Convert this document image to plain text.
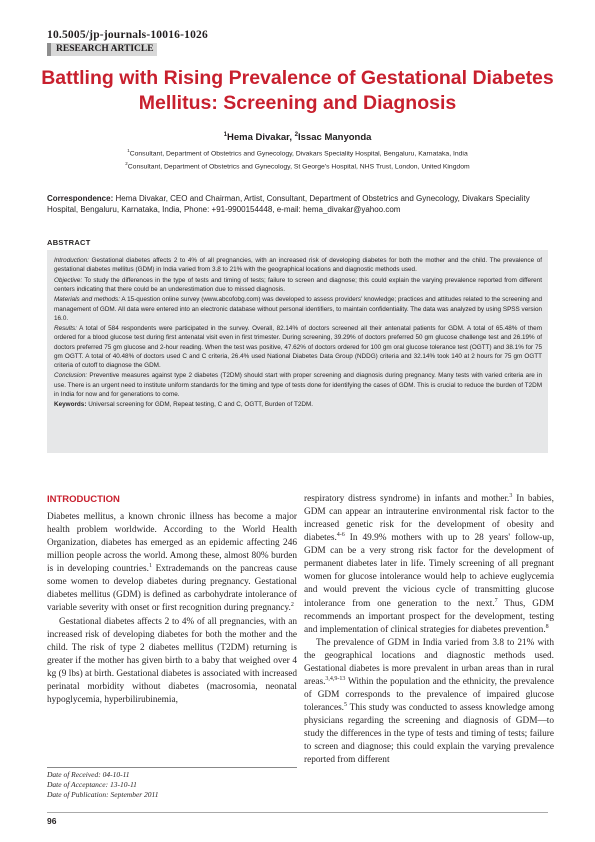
10.5005/jp-journals-10016-1026
RESEARCH ARTICLE
Battling with Rising Prevalence of Gestational Diabetes Mellitus: Screening and Diagnosis
$^1$Hema Divakar, $^2$Issac Manyonda
$^1$Consultant, Department of Obstetrics and Gynecology, Divakars Speciality Hospital, Bengaluru, Karnataka, India
$^2$Consultant, Department of Obstetrics and Gynecology, St George's Hospital, NHS Trust, London, United Kingdom
Correspondence: Hema Divakar, CEO and Chairman, Artist, Consultant, Department of Obstetrics and Gynecology, Divakars Speciality Hospital, Bengaluru, Karnataka, India, Phone: +91-9900154448, e-mail: hema_divakar@yahoo.com
ABSTRACT

Introduction: Gestational diabetes affects 2 to 4% of all pregnancies, with an increased risk of developing diabetes for both the mother and the child. The prevalence of gestational diabetes mellitus (GDM) in India varied from 3.8 to 21% with the geographical locations and diagnostic methods used.

Objective: To study the differences in the type of tests and timing of tests; failure to screen and diagnose; this could explain the varying prevalence reported from different centers indicating that there could be an underestimation due to missed diagnosis.

Materials and methods: A 15-question online survey (www.abcofobg.com) was developed to assess providers' knowledge; practices and attitudes related to the screening and management of GDM. All data were entered into an electronic database without personal identifiers, to maintain confidentiality. The data was analyzed by using SPSS version 16.0.

Results: A total of 584 respondents were participated in the survey. Overall, 82.14% of doctors screened all their antenatal patients for GDM. A total of 65.48% of them ordered for a blood glucose test during first antenatal visit even in first trimester. During screening, 39.29% of doctors preferred 50 gm glucose challenge test and 26.19% of doctors preferred 75 gm glucose and 2-hour reading. When the test was positive, 47.62% of doctors ordered for 100 gm oral glucose tolerance test (OGTT) and 38.1% for 75 gm OGTT. A total of 40.48% of doctors used C and C criteria, 26.4% used National Diabetes Data Group (NDDG) criteria and 32.14% took 140 at 2 hours for 75 gm OGTT criteria of cutoff to diagnose the GDM.

Conclusion: Preventive measures against type 2 diabetes (T2DM) should start with proper screening and diagnosis during pregnancy. Many tests with varied criteria are in use. There is an urgent need to institute uniform standards for the timing and type of tests done for identifying the cases of GDM. This is crucial to reduce the burden of T2DM in India for now and for generations to come.

Keywords: Universal screening for GDM, Repeat testing, C and C, OGTT, Burden of T2DM.

INTRODUCTION

Diabetes mellitus, a known chronic illness has become a major health problem worldwide. According to the World Health Organization, diabetes has emerged as an epidemic affecting 246 million people across the world. Among these, almost 80% burden is in developing countries.$^1$ Extrademands on the pancreas cause some women to develop diabetes during pregnancy. Gestational diabetes mellitus (GDM) is defined as carbohydrate intolerance of variable severity with onset or first recognition during pregnancy.$^2$

Gestational diabetes affects 2 to 4% of all pregnancies, with an increased risk of developing diabetes for both the mother and the child. The risk of type 2 diabetes mellitus (T2DM) returning is greater if the mother has given birth to a baby that weighed over 4 kg (9 lbs) at birth. Gestational diabetes is associated with increased perinatal morbidity without diabetes (macrosomia, neonatal hypoglycemia, hyperbilirubinemia,

respiratory distress syndrome) in infants and mother.$^3$ In babies, GDM can appear an intrauterine environmental risk factor to the increased genetic risk for the development of obesity and diabetes.$^{4-6}$ In 49.9% mothers with up to 28 years' follow-up, GDM can be a very strong risk factor for the development of permanent diabetes later in life. Timely screening of all pregnant women for glucose intolerance would help to achieve euglycemia and would prevent the vicious cycle of transmitting glucose intolerance from one generation to the next.$^7$ Thus, GDM recommends an important prospect for the development, testing and implementation of clinical strategies for diabetes prevention.$^8$

The prevalence of GDM in India varied from 3.8 to 21% with the geographical locations and diagnostic methods used. Gestational diabetes is more prevalent in urban areas than in rural areas.$^{3,4,9-13}$ Within the population and the ethnicity, the prevalence of GDM corresponds to the prevalence of impaired glucose tolerances.$^5$ This study was conducted to assess knowledge among physicians regarding the screening and diagnosis of GDM—to study the differences in the type of tests and timing of tests; failure to screen and diagnose; this could explain the varying prevalence reported from different

Date of Received: 04-10-11
Date of Acceptance: 13-10-11
Date of Publication: September 2011
96
